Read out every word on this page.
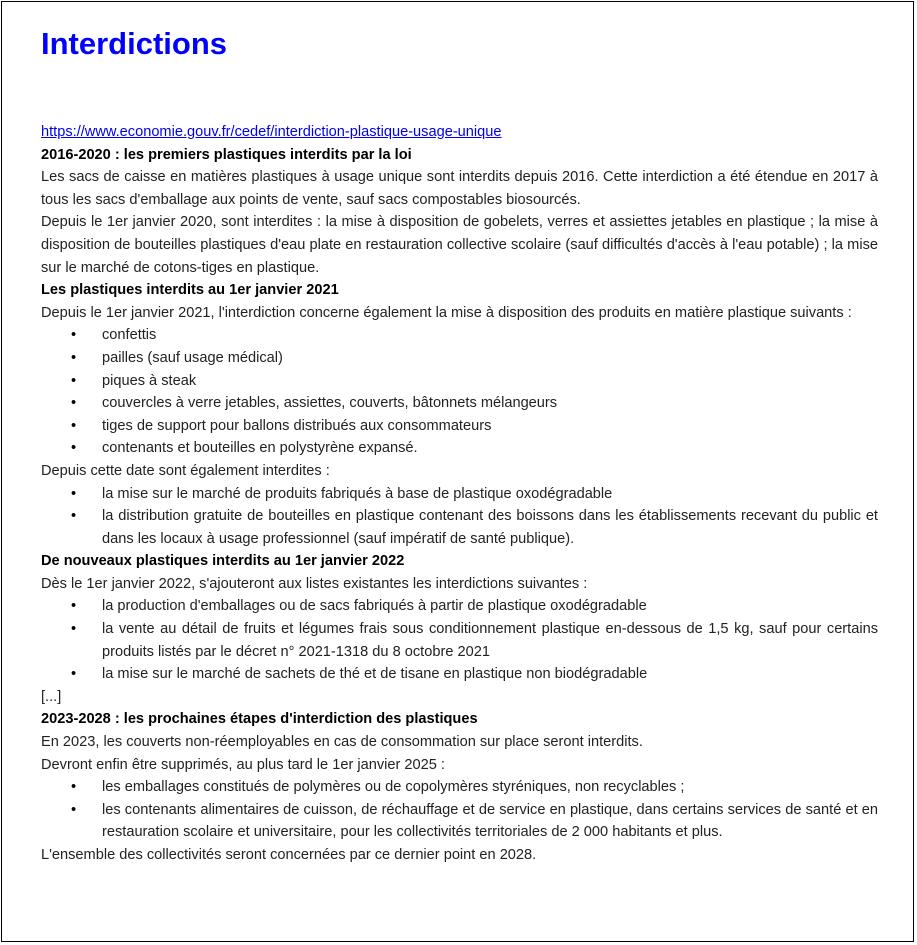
Interdictions
https://www.economie.gouv.fr/cedef/interdiction-plastique-usage-unique
2016-2020 : les premiers plastiques interdits par la loi

Les sacs de caisse en matières plastiques à usage unique sont interdits depuis 2016. Cette interdiction a été étendue en 2017 à tous les sacs d'emballage aux points de vente, sauf sacs compostables biosourcés.

Depuis le 1er janvier 2020, sont interdites : la mise à disposition de gobelets, verres et assiettes jetables en plastique ; la mise à disposition de bouteilles plastiques d'eau plate en restauration collective scolaire (sauf difficultés d'accès à l'eau potable) ; la mise sur le marché de cotons-tiges en plastique.

Les plastiques interdits au 1er janvier 2021

Depuis le 1er janvier 2021, l'interdiction concerne également la mise à disposition des produits en matière plastique suivants :

• confettis
• pailles (sauf usage médical)
• piques à steak
• couvercles à verre jetables, assiettes, couverts, bâtonnets mélangeurs
• tiges de support pour ballons distribués aux consommateurs
• contenants et bouteilles en polystyrène expansé.

Depuis cette date sont également interdites :

• la mise sur le marché de produits fabriqués à base de plastique oxodégradable
• la distribution gratuite de bouteilles en plastique contenant des boissons dans les établissements recevant du public et dans les locaux à usage professionnel (sauf impératif de santé publique).
De nouveaux plastiques interdits au 1er janvier 2022

Dès le 1er janvier 2022, s'ajouteront aux listes existantes les interdictions suivantes :

• la production d'emballages ou de sacs fabriqués à partir de plastique oxodégradable
• la vente au détail de fruits et légumes frais sous conditionnement plastique en-dessous de 1,5 kg, sauf pour certains produits listés par le décret n° 2021-1318 du 8 octobre 2021
• la mise sur le marché de sachets de thé et de tisane en plastique non biodégradable

[...]

2023-2028 : les prochaines étapes d'interdiction des plastiques

En 2023, les couverts non-réemployables en cas de consommation sur place seront interdits.

Devront enfin être supprimés, au plus tard le 1er janvier 2025 :

• les emballages constitués de polymères ou de copolymères styréniques, non recyclables ;
• les contenants alimentaires de cuisson, de réchauffage et de service en plastique, dans certains services de santé et en restauration scolaire et universitaire, pour les collectivités territoriales de 2 000 habitants et plus.

L'ensemble des collectivités seront concernées par ce dernier point en 2028.
